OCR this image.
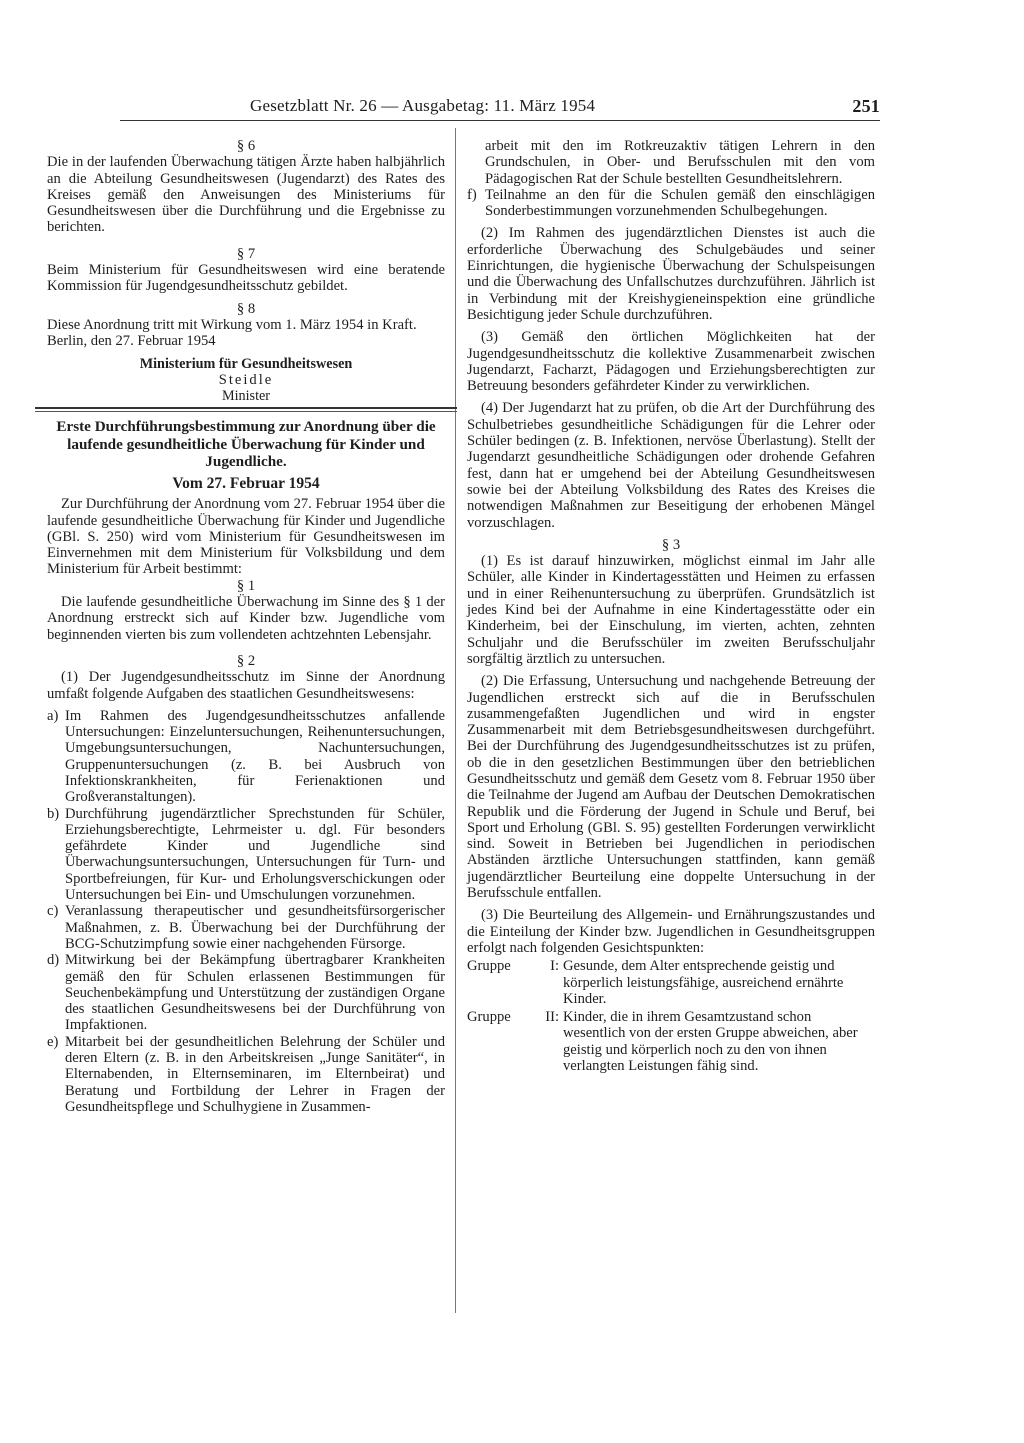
Gesetzblatt Nr. 26 — Ausgabetag: 11. März 1954	251

§ 6

Die in der laufenden Überwachung tätigen Ärzte haben halbjährlich an die Abteilung Gesundheitswesen (Jugendarzt) des Rates des Kreises gemäß den Anweisungen des Ministeriums für Gesundheitswesen über die Durchführung und die Ergebnisse zu berichten.

§ 7

Beim Ministerium für Gesundheitswesen wird eine beratende Kommission für Jugendgesundheitsschutz gebildet.

§ 8

Diese Anordnung tritt mit Wirkung vom 1. März 1954 in Kraft.

Berlin, den 27. Februar 1954

Ministerium für Gesundheitswesen

Steidle

Minister

Erste Durchführungsbestimmung zur Anordnung über die laufende gesundheitliche Überwachung für Kinder und Jugendliche.

Vom 27. Februar 1954

Zur Durchführung der Anordnung vom 27. Februar 1954 über die laufende gesundheitliche Überwachung für Kinder und Jugendliche (GBl. S. 250) wird vom Ministerium für Gesundheitswesen im Einvernehmen mit dem Ministerium für Volksbildung und dem Ministerium für Arbeit bestimmt:

§ 1

Die laufende gesundheitliche Überwachung im Sinne des § 1 der Anordnung erstreckt sich auf Kinder bzw. Jugendliche vom beginnenden vierten bis zum vollendeten achtzehnten Lebensjahr.

§ 2

(1) Der Jugendgesundheitsschutz im Sinne der Anordnung umfaßt folgende Aufgaben des staatlichen Gesundheitswesens:

a) Im Rahmen des Jugendgesundheitsschutzes anfallende Untersuchungen: Einzeluntersuchungen, Reihenuntersuchungen, Umgebungsuntersuchungen, Nachuntersuchungen, Gruppenuntersuchungen (z. B. bei Ausbruch von Infektionskrankheiten, für Ferienaktionen und Großveranstaltungen).
b) Durchführung jugendärztlicher Sprechstunden für Schüler, Erziehungsberechtigte, Lehrmeister u. dgl. Für besonders gefährdete Kinder und Jugendliche sind Überwachungsuntersuchungen, Untersuchungen für Turn- und Sportbefreiungen, für Kur- und Erholungsverschickungen oder Untersuchungen bei Ein- und Umschulungen vorzunehmen.
c) Veranlassung therapeutischer und gesundheitsfürsorgerischer Maßnahmen, z. B. Überwachung bei der Durchführung der BCG-Schutzimpfung sowie einer nachgehenden Fürsorge.
d) Mitwirkung bei der Bekämpfung übertragbarer Krankheiten gemäß den für Schulen erlassenen Bestimmungen für Seuchenbekämpfung und Unterstützung der zuständigen Organe des staatlichen Gesundheitswesens bei der Durchführung von Impfaktionen.
e) Mitarbeit bei der gesundheitlichen Belehrung der Schüler und deren Eltern (z. B. in den Arbeitskreisen „Junge Sanitäter“, in Elternabenden, in Elternseminaren, im Elternbeirat) und Beratung und Fortbildung der Lehrer in Fragen der Gesundheitspflege und Schulhygiene in Zusammen-
arbeit mit den im Rotkreuzaktiv tätigen Lehrern in den Grundschulen, in Ober- und Berufsschulen mit den vom Pädagogischen Rat der Schule bestellten Gesundheitslehrern.
f) Teilnahme an den für die Schulen gemäß den einschlägigen Sonderbestimmungen vorzunehmenden Schulbegehungen.

(2) Im Rahmen des jugendärztlichen Dienstes ist auch die erforderliche Überwachung des Schulgebäudes und seiner Einrichtungen, die hygienische Überwachung der Schulspeisungen und die Überwachung des Unfallschutzes durchzuführen. Jährlich ist in Verbindung mit der Kreishygieneinspektion eine gründliche Besichtigung jeder Schule durchzuführen.

(3) Gemäß den örtlichen Möglichkeiten hat der Jugendgesundheitsschutz die kollektive Zusammenarbeit zwischen Jugendarzt, Facharzt, Pädagogen und Erziehungsberechtigten zur Betreuung besonders gefährdeter Kinder zu verwirklichen.

(4) Der Jugendarzt hat zu prüfen, ob die Art der Durchführung des Schulbetriebes gesundheitliche Schädigungen für die Lehrer oder Schüler bedingen (z. B. Infektionen, nervöse Überlastung). Stellt der Jugendarzt gesundheitliche Schädigungen oder drohende Gefahren fest, dann hat er umgehend bei der Abteilung Gesundheitswesen sowie bei der Abteilung Volksbildung des Rates des Kreises die notwendigen Maßnahmen zur Beseitigung der erhobenen Mängel vorzuschlagen.

§ 3

(1) Es ist darauf hinzuwirken, möglichst einmal im Jahr alle Schüler, alle Kinder in Kindertagesstätten und Heimen zu erfassen und in einer Reihenuntersuchung zu überprüfen. Grundsätzlich ist jedes Kind bei der Aufnahme in eine Kindertagesstätte oder ein Kinderheim, bei der Einschulung, im vierten, achten, zehnten Schuljahr und die Berufsschüler im zweiten Berufsschuljahr sorgfältig ärztlich zu untersuchen.

(2) Die Erfassung, Untersuchung und nachgehende Betreuung der Jugendlichen erstreckt sich auf die in Berufsschulen zusammengefaßten Jugendlichen und wird in engster Zusammenarbeit mit dem Betriebsgesundheitswesen durchgeführt. Bei der Durchführung des Jugendgesundheitsschutzes ist zu prüfen, ob die in den gesetzlichen Bestimmungen über den betrieblichen Gesundheitsschutz und gemäß dem Gesetz vom 8. Februar 1950 über die Teilnahme der Jugend am Aufbau der Deutschen Demokratischen Republik und die Förderung der Jugend in Schule und Beruf, bei Sport und Erholung (GBl. S. 95) gestellten Forderungen verwirklicht sind. Soweit in Betrieben bei Jugendlichen in periodischen Abständen ärztliche Untersuchungen stattfinden, kann gemäß jugendärztlicher Beurteilung eine doppelte Untersuchung in der Berufsschule entfallen.

(3) Die Beurteilung des Allgemein- und Ernährungszustandes und die Einteilung der Kinder bzw. Jugendlichen in Gesundheitsgruppen erfolgt nach folgenden Gesichtspunkten:

Gruppe	I: Gesunde, dem Alter entsprechende geistig und körperlich leistungsfähige, ausreichend ernährte Kinder.
Gruppe	II: Kinder, die in ihrem Gesamtzustand schon wesentlich von der ersten Gruppe abweichen, aber geistig und körperlich noch zu den von ihnen verlangten Leistungen fähig sind.
